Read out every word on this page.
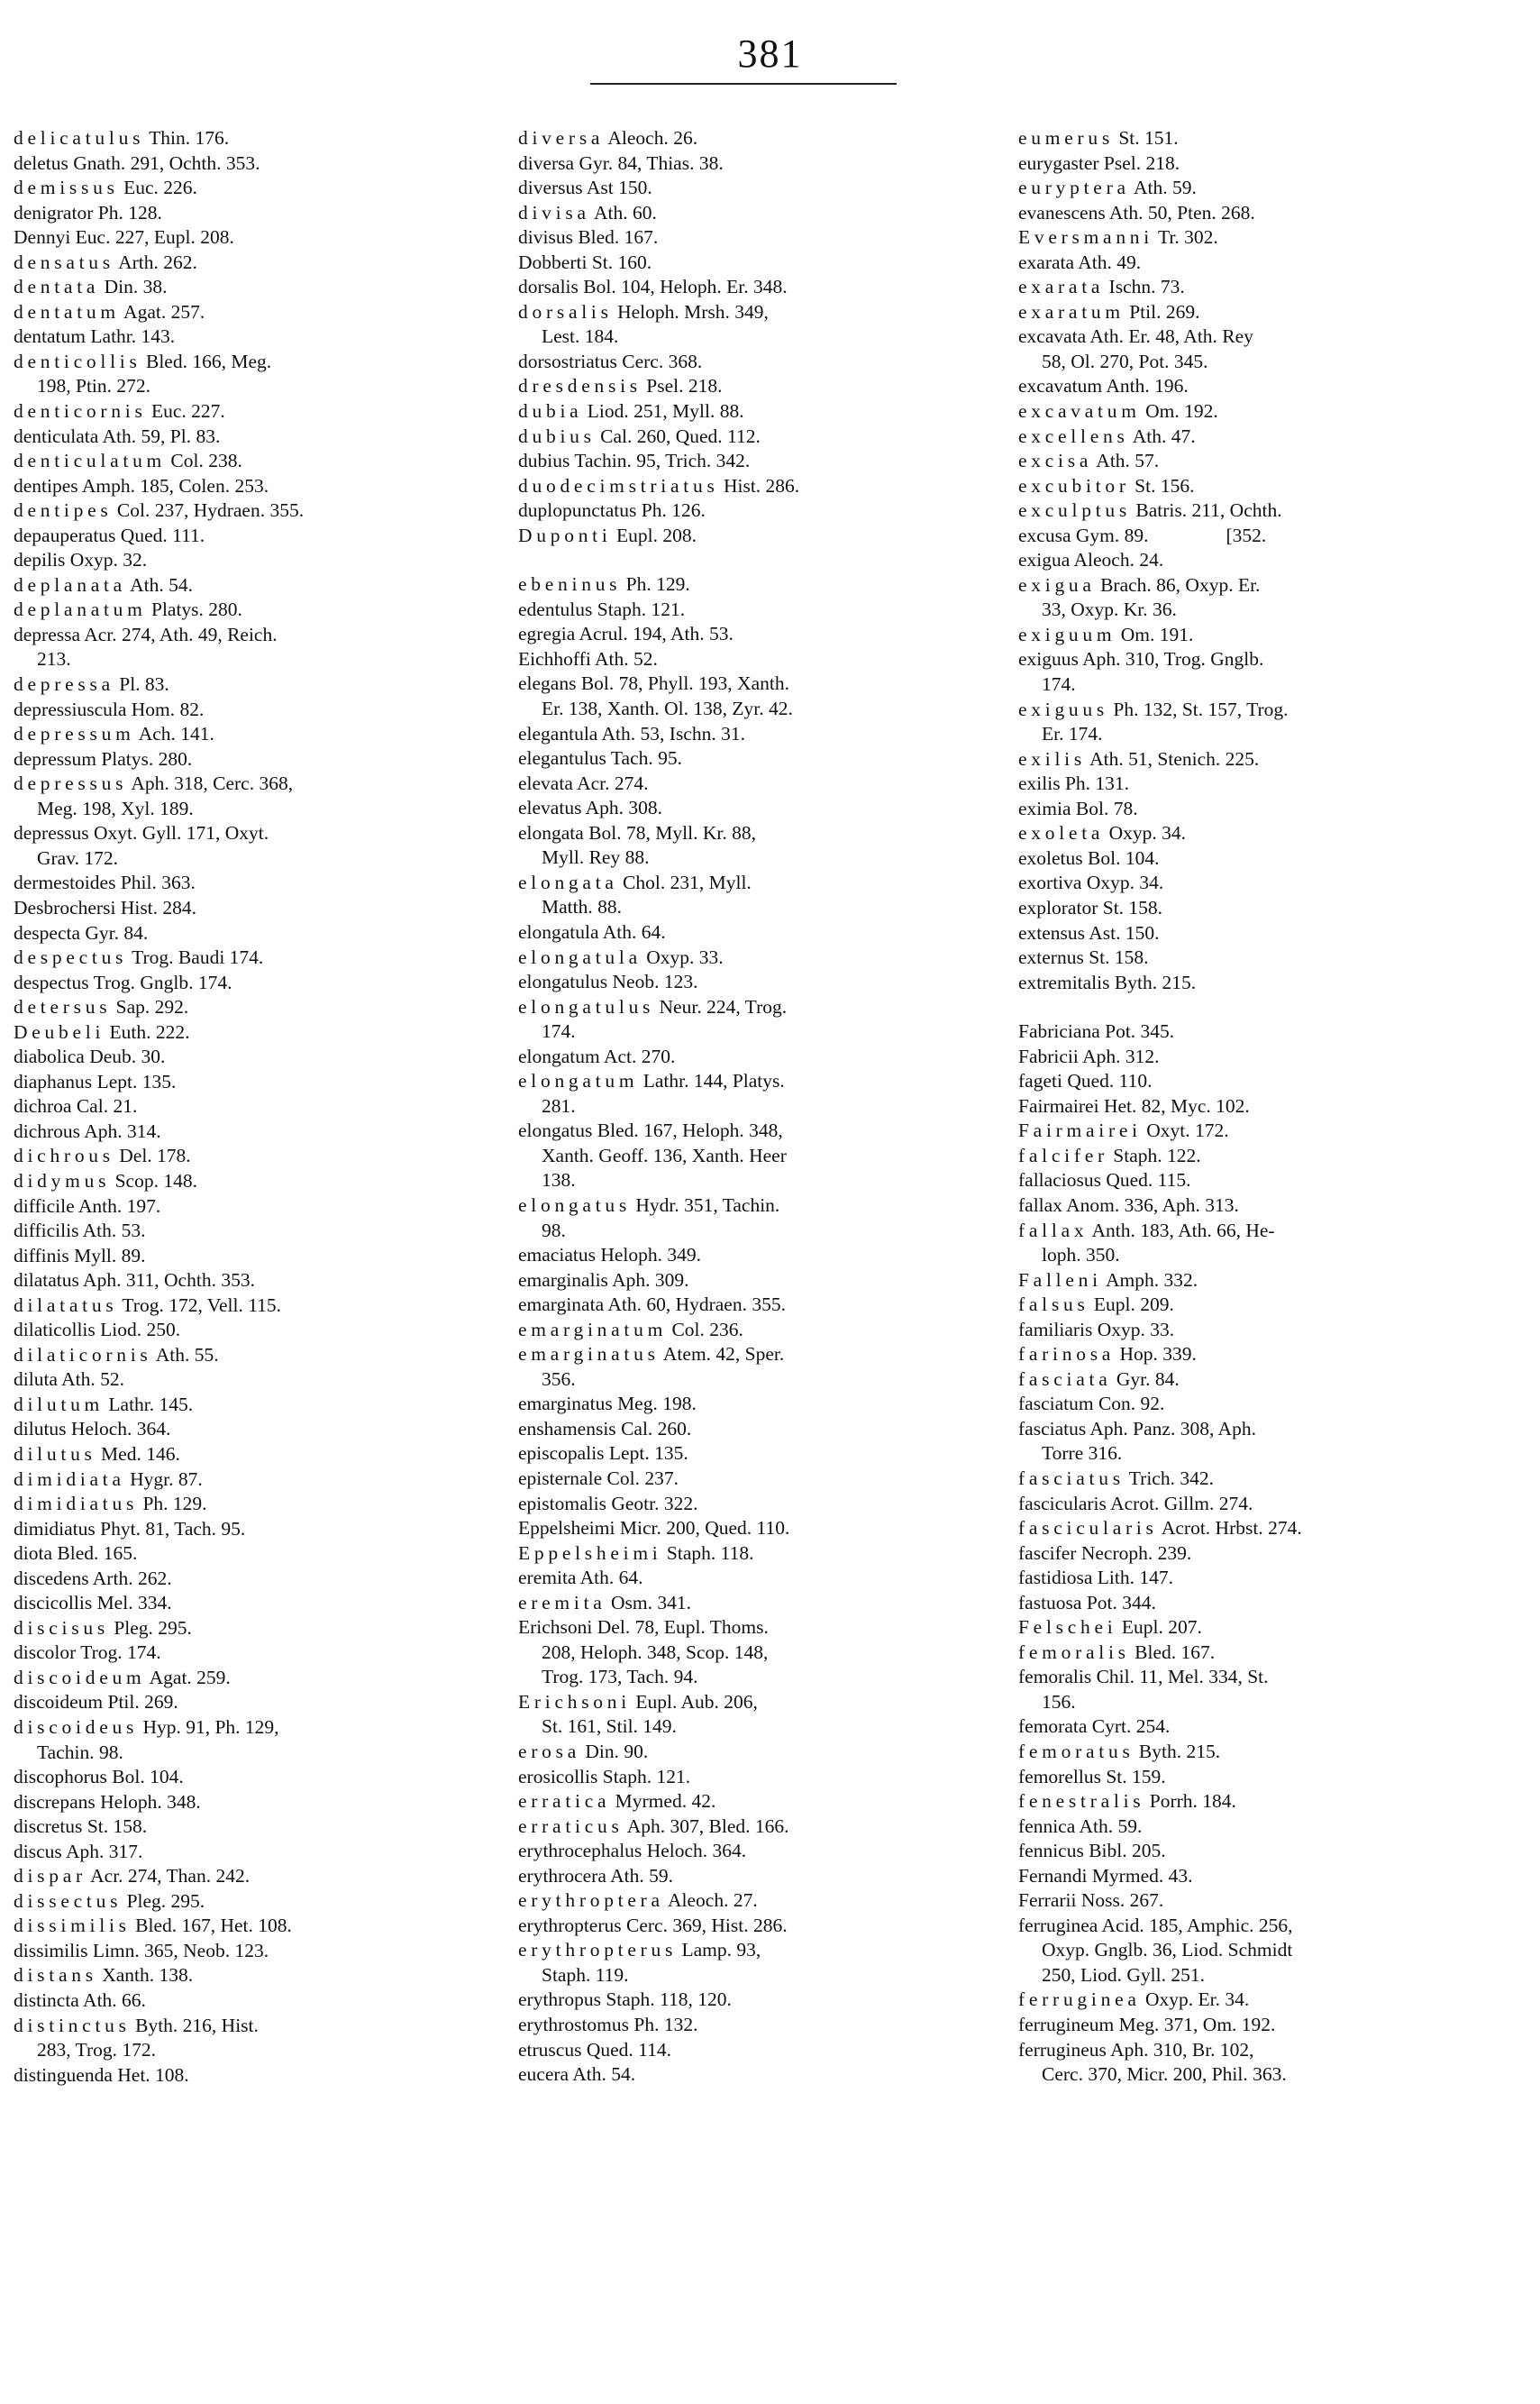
381

delicatulus Thin. 176.

deletus Gnath. 291, Ochth. 353.

demissus Euc. 226.

denigrator Ph. 128.

Dennyi Euc. 227, Eupl. 208.

densatus Arth. 262.

dentata Din. 38.

dentatum Agat. 257.

dentatum Lathr. 143.

denticollis Bled. 166, Meg.
198, Ptin. 272.

denticornis Euc. 227.

denticulata Ath. 59, Pl. 83.

denticulatum Col. 238.

dentipes Amph. 185, Colen. 253.

dentipes Col. 237, Hydraen. 355.

depauperatus Qued. 111.

depilis Oxyp. 32.

deplanata Ath. 54.

deplanatum Platys. 280.

depressa Acr. 274, Ath. 49, Reich.
213.

depressa Pl. 83.

depressiuscula Hom. 82.

depressum Ach. 141.

depressum Platys. 280.

depressus Aph. 318, Cerc. 368,
Meg. 198, Xyl. 189.

depressus Oxyt. Gyll. 171, Oxyt.
Grav. 172.

dermestoides Phil. 363.

Desbrochersi Hist. 284.

despecta Gyr. 84.

despectus Trog. Baudi 174.

despectus Trog. Gnglb. 174.

detersus Sap. 292.

Deubeli Euth. 222.

diabolica Deub. 30.

diaphanus Lept. 135.

dichroa Cal. 21.

dichrous Aph. 314.

dichrous Del. 178.

didymus Scop. 148.

difficile Anth. 197.

difficilis Ath. 53.

diffinis Myll. 89.

dilatatus Aph. 311, Ochth. 353.

dilatatus Trog. 172, Vell. 115.

dilaticollis Liod. 250.

dilaticornis Ath. 55.

diluta Ath. 52.

dilutum Lathr. 145.

dilutus Heloch. 364.

dilutus Med. 146.

dimidiata Hygr. 87.

dimidiatus Ph. 129.

dimidiatus Phyt. 81, Tach. 95.

diota Bled. 165.

discedens Arth. 262.

discicollis Mel. 334.

discisus Pleg. 295.

discolor Trog. 174.

discoideum Agat. 259.

discoideum Ptil. 269.

discoideus Hyp. 91, Ph. 129,
Tachin. 98.

discophorus Bol. 104.

discrepans Heloph. 348.

discretus St. 158.

discus Aph. 317.

dispar Acr. 274, Than. 242.

dissectus Pleg. 295.

dissimilis Bled. 167, Het. 108.

dissimilis Limn. 365, Neob. 123.

distans Xanth. 138.

distincta Ath. 66.

distinctus Byth. 216, Hist.
283, Trog. 172.

distinguenda Het. 108.

diversa Aleoch. 26.

diversa Gyr. 84, Thias. 38.

diversus Ast 150.

divisa Ath. 60.

divisus Bled. 167.

Dobberti St. 160.

dorsalis Bol. 104, Heloph. Er. 348.

dorsalis Heloph. Mrsh. 349,
Lest. 184.

dorsostriatus Cerc. 368.

dresdensis Psel. 218.

dubia Liod. 251, Myll. 88.

dubius Cal. 260, Qued. 112.

dubius Tachin. 95, Trich. 342.

duodecimstriatus Hist. 286.

duplopunctatus Ph. 126.

Duponti Eupl. 208.

ebeninus Ph. 129.

edentulus Staph. 121.

egregia Acrul. 194, Ath. 53.

Eichhoffi Ath. 52.

elegans Bol. 78, Phyll. 193, Xanth.
Er. 138, Xanth. Ol. 138, Zyr. 42.

elegantula Ath. 53, Ischn. 31.

elegantulus Tach. 95.

elevata Acr. 274.

elevatus Aph. 308.

elongata Bol. 78, Myll. Kr. 88,
Myll. Rey 88.

elongata Chol. 231, Myll.
Matth. 88.

elongatula Ath. 64.

elongatula Oxyp. 33.

elongatulus Neob. 123.

elongatulus Neur. 224, Trog.
174.

elongatum Act. 270.

elongatum Lathr. 144, Platys.
281.

elongatus Bled. 167, Heloph. 348,
Xanth. Geoff. 136, Xanth. Heer
138.

elongatus Hydr. 351, Tachin.
98.

emaciatus Heloph. 349.

emarginalis Aph. 309.

emarginata Ath. 60, Hydraen. 355.

emarginatum Col. 236.

emarginatus Atem. 42, Sper.
356.

emarginatus Meg. 198.

enshamensis Cal. 260.

episcopalis Lept. 135.

episternale Col. 237.

epistomalis Geotr. 322.

Eppelsheimi Micr. 200, Qued. 110.

Eppelsheimi Staph. 118.

eremita Ath. 64.

eremita Osm. 341.

Erichsoni Del. 78, Eupl. Thoms.
208, Heloph. 348, Scop. 148,
Trog. 173, Tach. 94.

Erichsoni Eupl. Aub. 206,
St. 161, Stil. 149.

erosa Din. 90.

erosicollis Staph. 121.

erratica Myrmed. 42.

erraticus Aph. 307, Bled. 166.

erythrocephalus Heloch. 364.

erythrocera Ath. 59.

erythroptera Aleoch. 27.

erythropterus Cerc. 369, Hist. 286.

erythropterus Lamp. 93,
Staph. 119.

erythropus Staph. 118, 120.

erythrostomus Ph. 132.

etruscus Qued. 114.

eucera Ath. 54.

eumerus St. 151.

eurygaster Psel. 218.

euryptera Ath. 59.

evanescens Ath. 50, Pten. 268.

Eversmanni Tr. 302.

exarata Ath. 49.

exarata Ischn. 73.

exaratum Ptil. 269.

excavata Ath. Er. 48, Ath. Rey
58, Ol. 270, Pot. 345.

excavatum Anth. 196.

excavatum Om. 192.

excellens Ath. 47.

excisa Ath. 57.

excubitor St. 156.

exculptus Batris. 211, Ochth.

excusa Gym. 89.                [352.

exigua Aleoch. 24.

exigua Brach. 86, Oxyp. Er.
33, Oxyp. Kr. 36.

exiguum Om. 191.

exiguus Aph. 310, Trog. Gnglb.
174.

exiguus Ph. 132, St. 157, Trog.
Er. 174.

exilis Ath. 51, Stenich. 225.

exilis Ph. 131.

eximia Bol. 78.

exoleta Oxyp. 34.

exoletus Bol. 104.

exortiva Oxyp. 34.

explorator St. 158.

extensus Ast. 150.

externus St. 158.

extremitalis Byth. 215.

Fabriciana Pot. 345.

Fabricii Aph. 312.

fageti Qued. 110.

Fairmairei Het. 82, Myc. 102.

Fairmairei Oxyt. 172.

falcifer Staph. 122.

fallaciosus Qued. 115.

fallax Anom. 336, Aph. 313.

fallax Anth. 183, Ath. 66, He-
loph. 350.

Falleni Amph. 332.

falsus Eupl. 209.

familiaris Oxyp. 33.

farinosa Hop. 339.

fasciata Gyr. 84.

fasciatum Con. 92.

fasciatus Aph. Panz. 308, Aph.
Torre 316.

fasciatus Trich. 342.

fascicularis Acrot. Gillm. 274.

fascicularis Acrot. Hrbst. 274.

fascifer Necroph. 239.

fastidiosa Lith. 147.

fastuosa Pot. 344.

Felschei Eupl. 207.

femoralis Bled. 167.

femoralis Chil. 11, Mel. 334, St.
156.

femorata Cyrt. 254.

femoratus Byth. 215.

femorellus St. 159.

fenestralis Porrh. 184.

fennica Ath. 59.

fennicus Bibl. 205.

Fernandi Myrmed. 43.

Ferrarii Noss. 267.

ferruginea Acid. 185, Amphic. 256,
Oxyp. Gnglb. 36, Liod. Schmidt
250, Liod. Gyll. 251.

ferruginea Oxyp. Er. 34.

ferrugineum Meg. 371, Om. 192.

ferrugineus Aph. 310, Br. 102,
Cerc. 370, Micr. 200, Phil. 363.
